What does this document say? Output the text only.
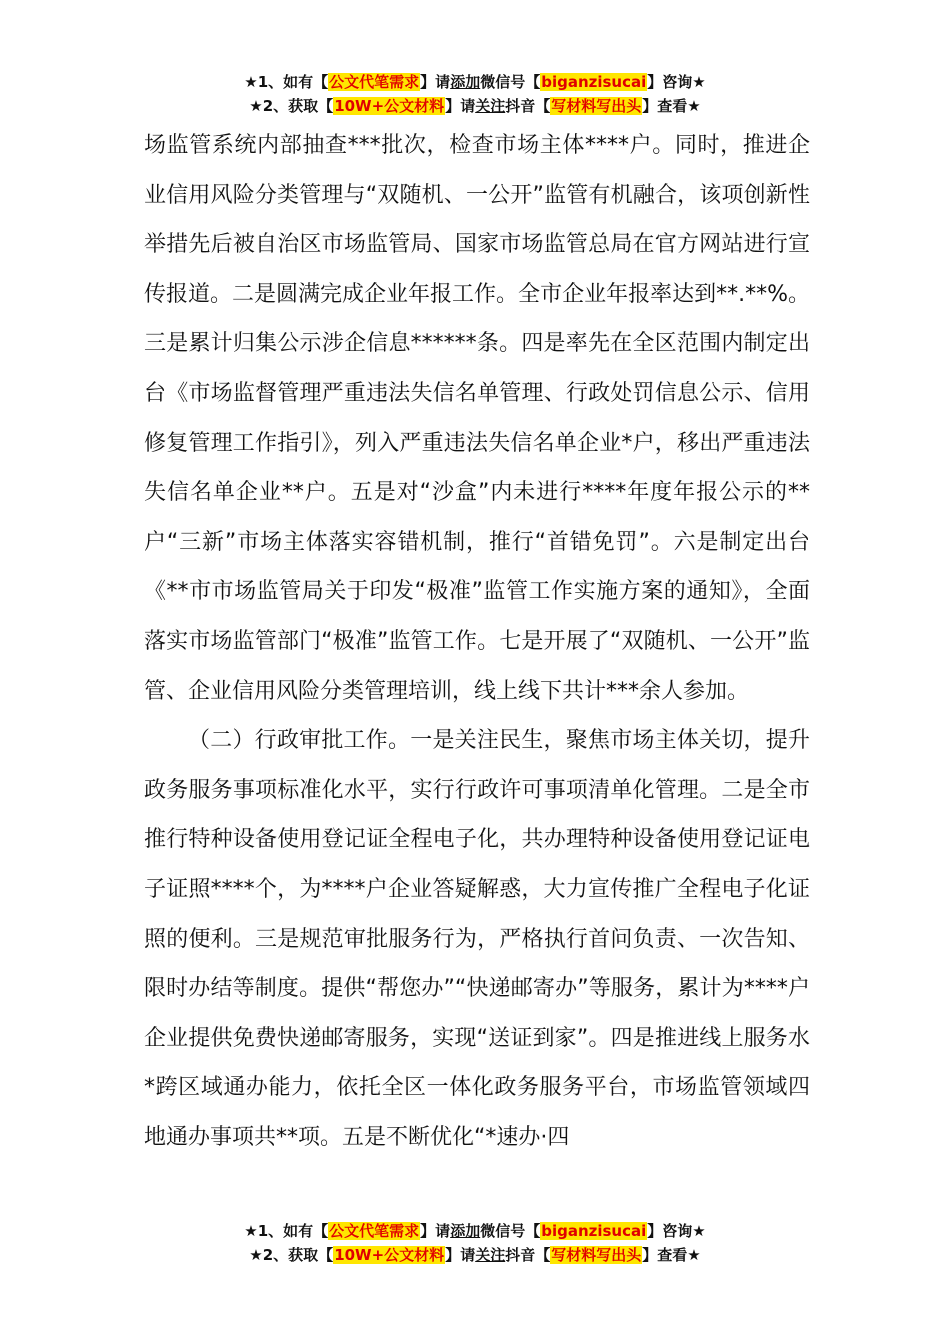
★1、如有【公文代笔需求】请添加微信号【biganzisucai】咨询★
★2、获取【10W+公文材料】请关注抖音【写材料写出头】查看★

场监管系统内部抽查***批次，检查市场主体****户。同时，推进企业信用风险分类管理与“双随机、一公开”监管有机融合，该项创新性举措先后被自治区市场监管局、国家市场监管总局在官方网站进行宣传报道。二是圆满完成企业年报工作。全市企业年报率达到**.**%。三是累计归集公示涉企信息******条。四是率先在全区范围内制定出台《市场监督管理严重违法失信名单管理、行政处罚信息公示、信用修复管理工作指引》，列入严重违法失信名单企业*户，移出严重违法失信名单企业**户。五是对“沙盒”内未进行****年度年报公示的**户“三新”市场主体落实容错机制，推行“首错免罚”。六是制定出台《**市市场监管局关于印发“极准”监管工作实施方案的通知》，全面落实市场监管部门“极准”监管工作。七是开展了“双随机、一公开”监管、企业信用风险分类管理培训，线上线下共计***余人参加。

（二）行政审批工作。一是关注民生，聚焦市场主体关切，提升政务服务事项标准化水平，实行行政许可事项清单化管理。二是全市推行特种设备使用登记证全程电子化，共办理特种设备使用登记证电子证照****个，为****户企业答疑解惑，大力宣传推广全程电子化证照的便利。三是规范审批服务行为，严格执行首问负责、一次告知、限时办结等制度。提供“帮您办”“快递邮寄办”等服务，累计为****户企业提供免费快递邮寄服务，实现“送证到家”。四是推进线上服务水*跨区域通办能力，依托全区一体化政务服务平台，市场监管领域四地通办事项共**项。五是不断优化“*速办·四

★1、如有【公文代笔需求】请添加微信号【biganzisucai】咨询★
★2、获取【10W+公文材料】请关注抖音【写材料写出头】查看★
